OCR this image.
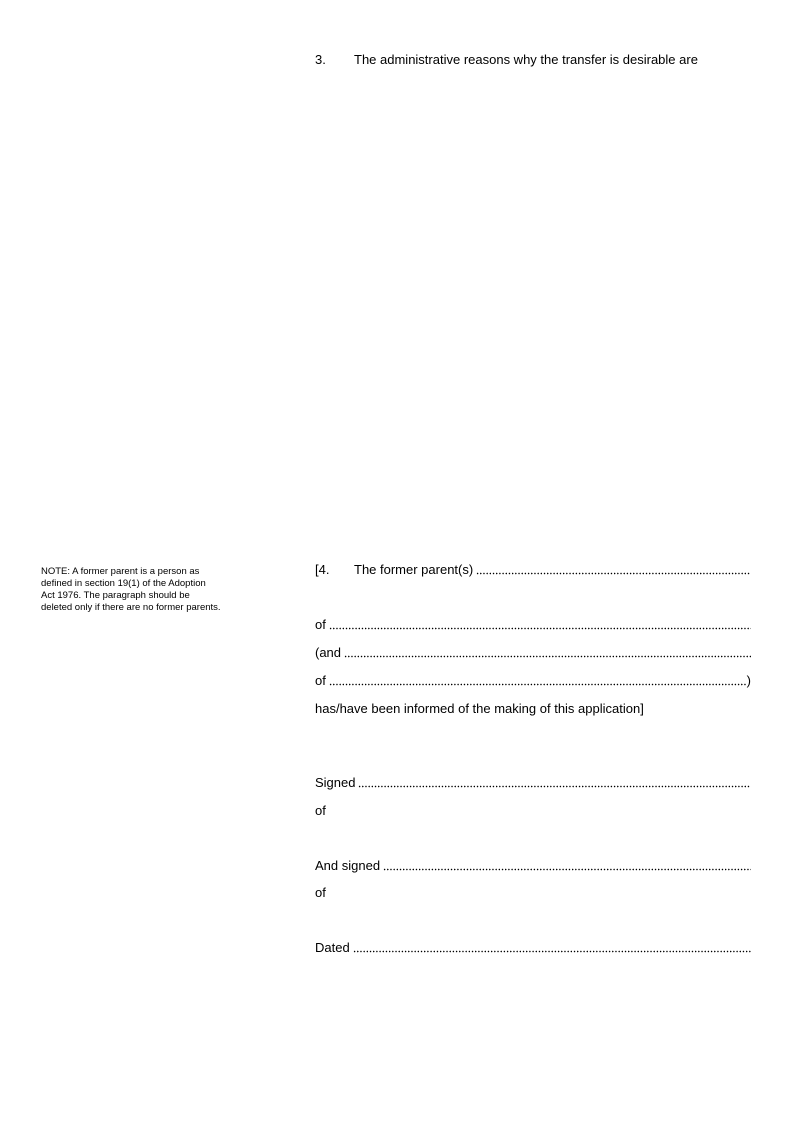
3. The administrative reasons why the transfer is desirable are
NOTE: A former parent is a person as defined in section 19(1) of the Adoption Act 1976. The paragraph should be deleted only if there are no former parents.
[4. The former parent(s)
of
(and
of	)
has/have been informed of the making of this application]
Signed
of
And signed
of
Dated
